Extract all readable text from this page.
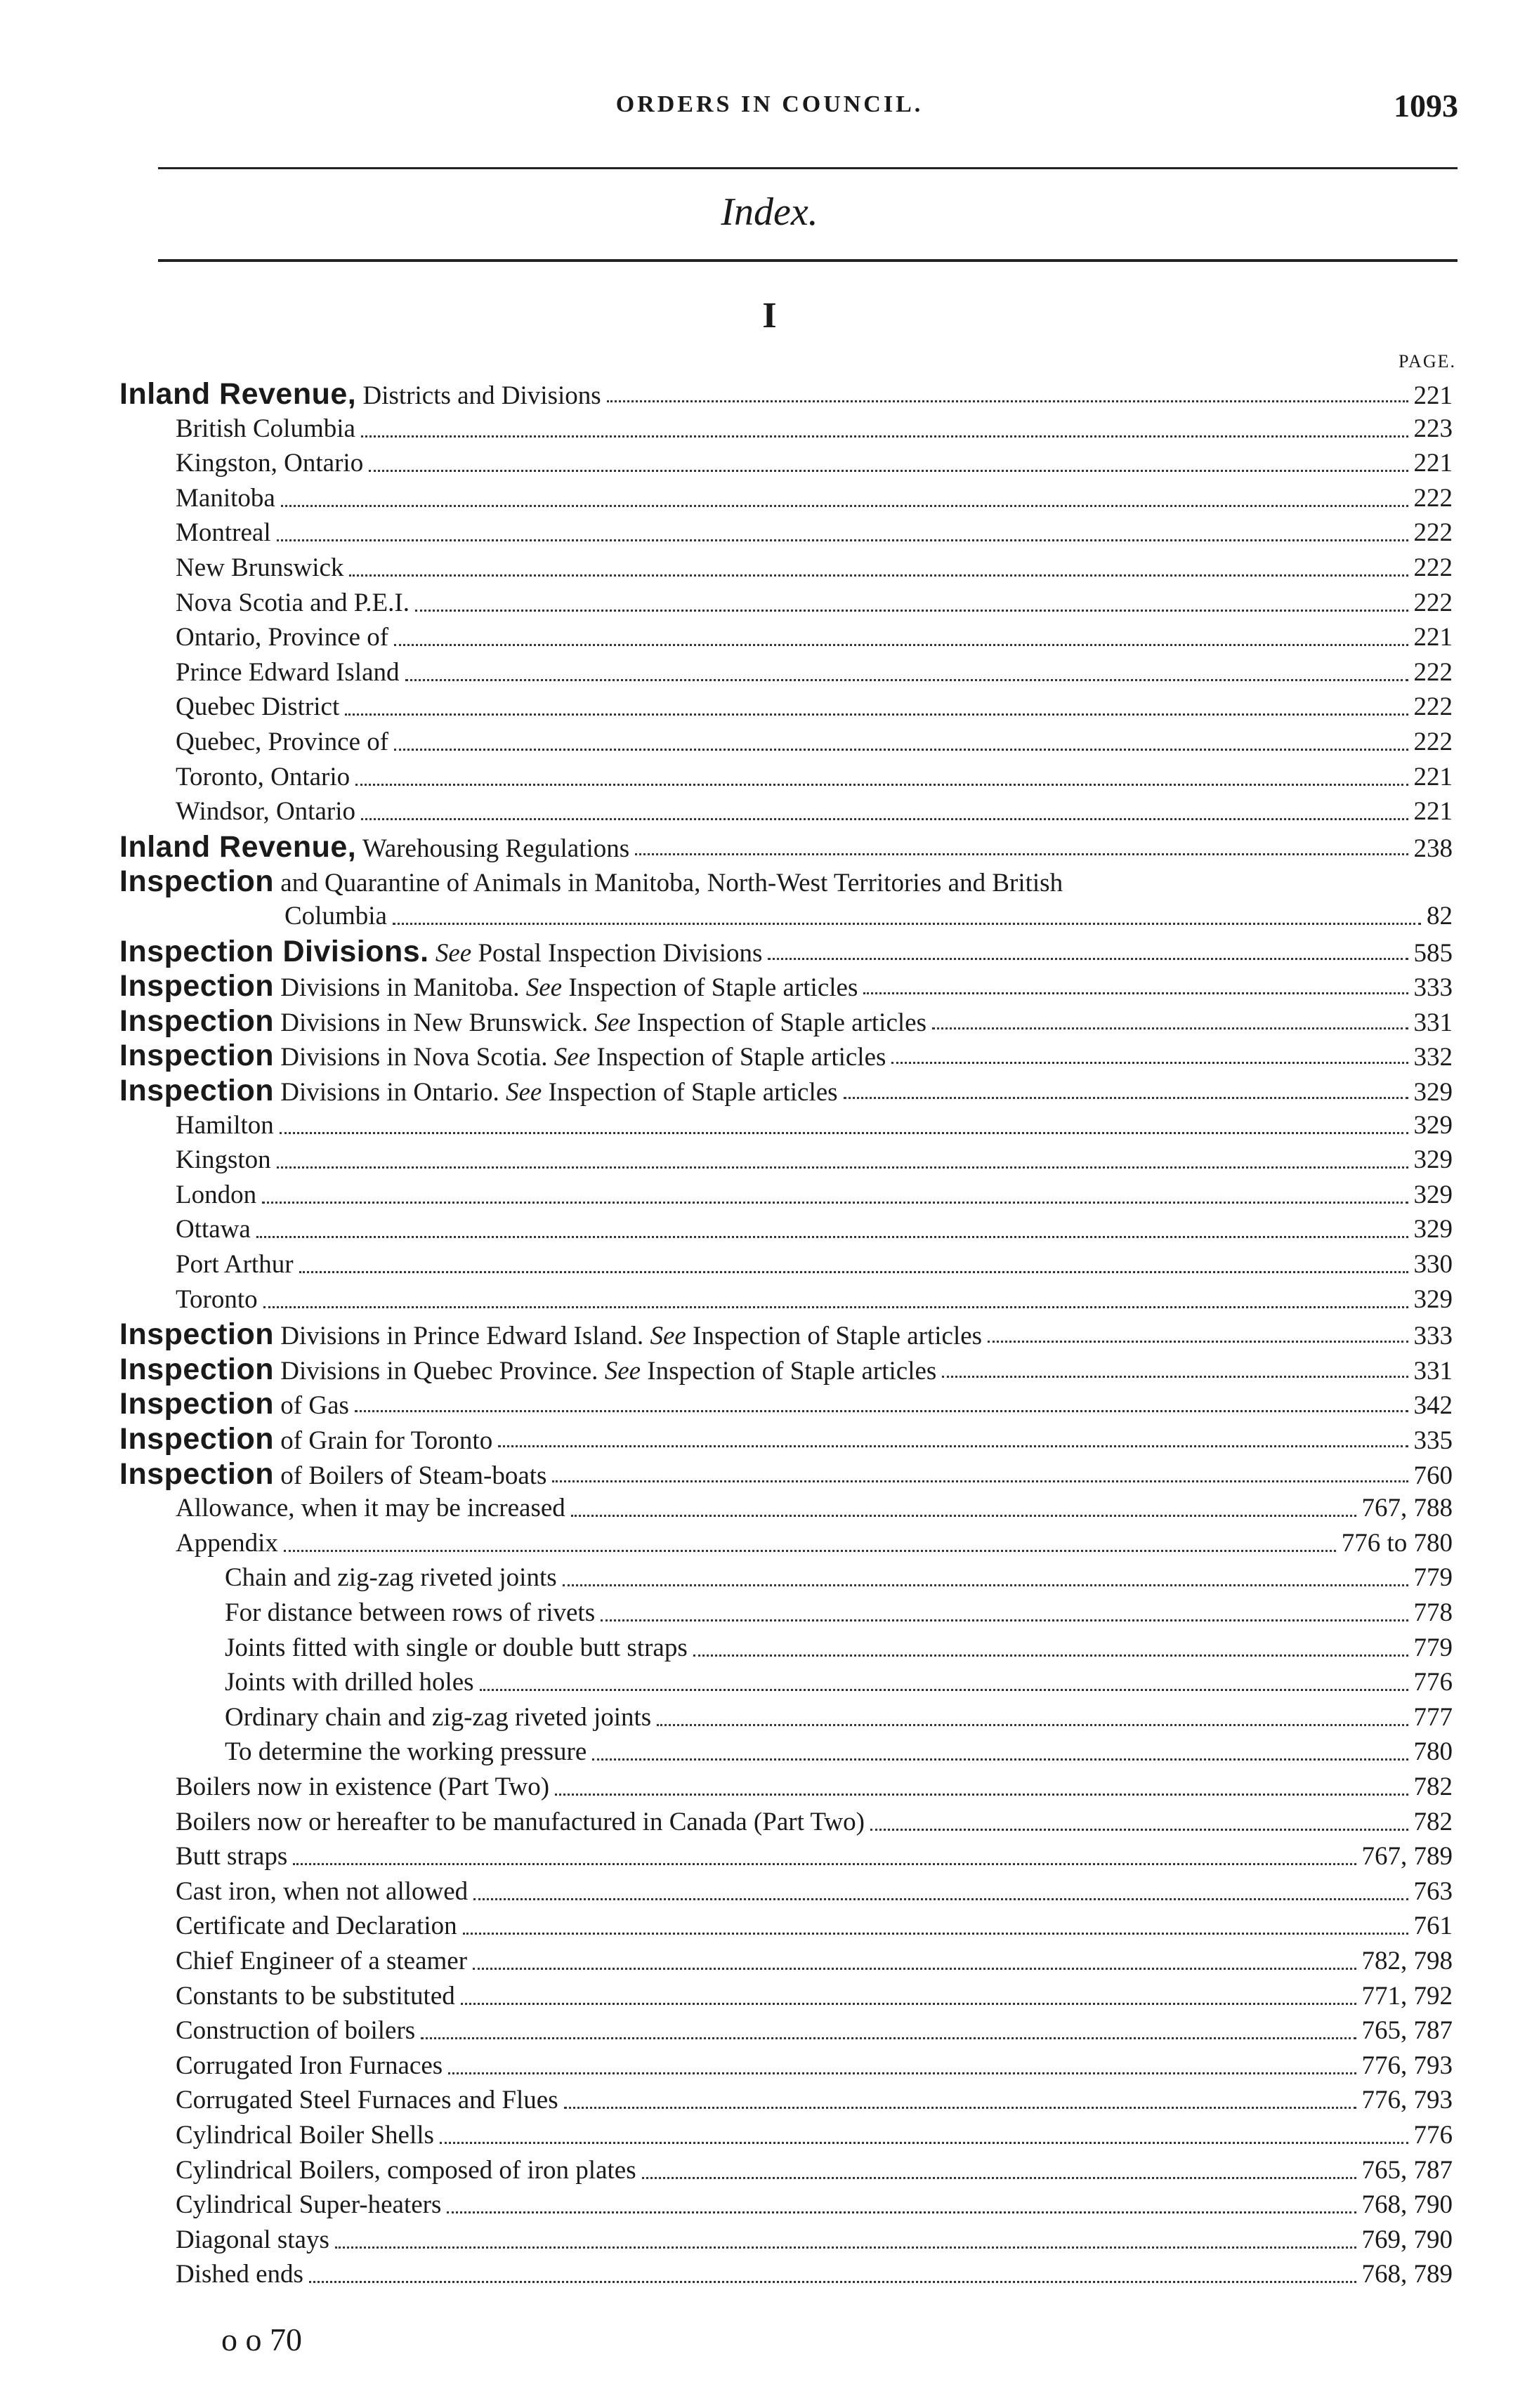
ORDERS IN COUNCIL.	1093
Index.
I
PAGE.
Inland Revenue, Districts and Divisions	221
British Columbia	223
Kingston, Ontario	221
Manitoba	222
Montreal	222
New Brunswick	222
Nova Scotia and P.E.I.	222
Ontario, Province of	221
Prince Edward Island	222
Quebec District	222
Quebec, Province of	222
Toronto, Ontario	221
Windsor, Ontario	221
Inland Revenue, Warehousing Regulations	238
Inspection and Quarantine of Animals in Manitoba, North-West Territories and British
Columbia	82
Inspection Divisions. See Postal Inspection Divisions	585
Inspection Divisions in Manitoba. See Inspection of Staple articles	333
Inspection Divisions in New Brunswick. See Inspection of Staple articles	331
Inspection Divisions in Nova Scotia. See Inspection of Staple articles	332
Inspection Divisions in Ontario. See Inspection of Staple articles	329
Hamilton	329
Kingston	329
London	329
Ottawa	329
Port Arthur	330
Toronto	329
Inspection Divisions in Prince Edward Island. See Inspection of Staple articles	333
Inspection Divisions in Quebec Province. See Inspection of Staple articles	331
Inspection of Gas	342
Inspection of Grain for Toronto	335
Inspection of Boilers of Steam-boats	760
Allowance, when it may be increased	767, 788
Appendix	776 to 780
Chain and zig-zag riveted joints	779
For distance between rows of rivets	778
Joints fitted with single or double butt straps	779
Joints with drilled holes	776
Ordinary chain and zig-zag riveted joints	777
To determine the working pressure	780
Boilers now in existence (Part Two)	782
Boilers now or hereafter to be manufactured in Canada (Part Two)	782
Butt straps	767, 789
Cast iron, when not allowed	763
Certificate and Declaration	761
Chief Engineer of a steamer	782, 798
Constants to be substituted	771, 792
Construction of boilers	765, 787
Corrugated Iron Furnaces	776, 793
Corrugated Steel Furnaces and Flues	776, 793
Cylindrical Boiler Shells	776
Cylindrical Boilers, composed of iron plates	765, 787
Cylindrical Super-heaters	768, 790
Diagonal stays	769, 790
Dished ends	768, 789
o o 70
